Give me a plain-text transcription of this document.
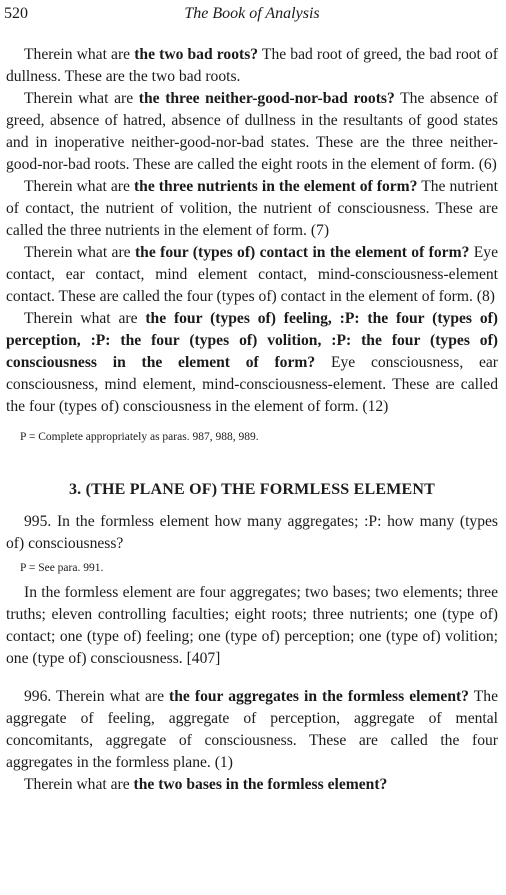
520	The Book of Analysis

Therein what are the two bad roots? The bad root of greed, the bad root of dullness. These are the two bad roots.

Therein what are the three neither-good-nor-bad roots? The absence of greed, absence of hatred, absence of dullness in the resultants of good states and in inoperative neither-good-nor-bad states. These are the three neither-good-nor-bad roots. These are called the eight roots in the element of form. (6)

Therein what are the three nutrients in the element of form? The nutrient of contact, the nutrient of volition, the nutrient of consciousness. These are called the three nutrients in the element of form. (7)

Therein what are the four (types of) contact in the element of form? Eye contact, ear contact, mind element contact, mind-consciousness-element contact. These are called the four (types of) contact in the element of form. (8)

Therein what are the four (types of) feeling, :P: the four (types of) perception, :P: the four (types of) volition, :P: the four (types of) consciousness in the element of form? Eye consciousness, ear consciousness, mind element, mind-consciousness-element. These are called the four (types of) consciousness in the element of form. (12)

P = Complete appropriately as paras. 987, 988, 989.

3. (THE PLANE OF) THE FORMLESS ELEMENT

995. In the formless element how many aggregates; :P: how many (types of) consciousness?

P = See para. 991.

In the formless element are four aggregates; two bases; two elements; three truths; eleven controlling faculties; eight roots; three nutrients; one (type of) contact; one (type of) feeling; one (type of) perception; one (type of) volition; one (type of) consciousness. [407]

996. Therein what are the four aggregates in the formless element? The aggregate of feeling, aggregate of perception, aggregate of mental concomitants, aggregate of consciousness. These are called the four aggregates in the formless plane. (1)

Therein what are the two bases in the formless element?
